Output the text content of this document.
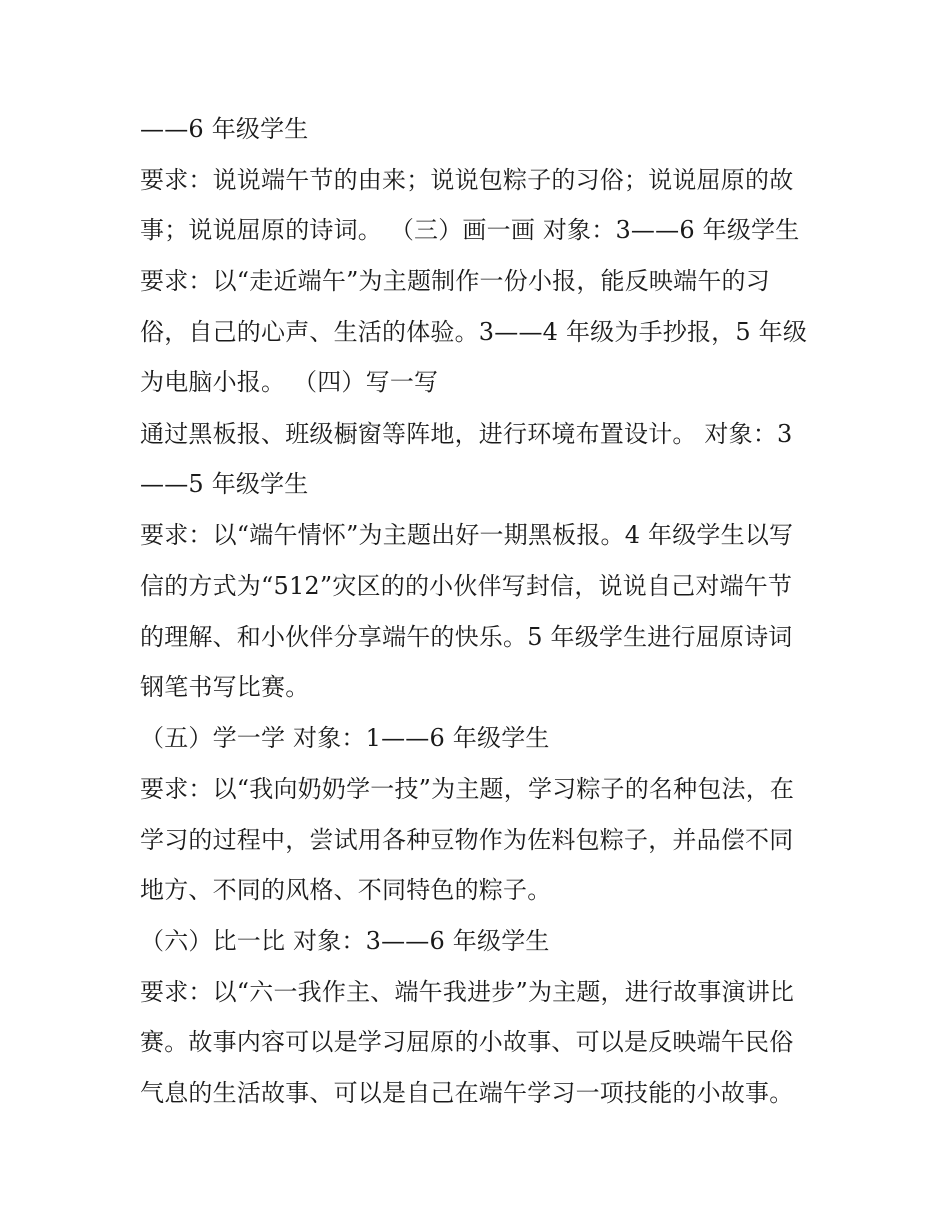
——6 年级学生
要求：说说端午节的由来；说说包粽子的习俗；说说屈原的故
事；说说屈原的诗词。 （三）画一画 对象：3——6 年级学生
要求：以“走近端午”为主题制作一份小报，能反映端午的习
俗，自己的心声、生活的体验。3——4 年级为手抄报，5 年级
为电脑小报。 （四）写一写
通过黑板报、班级橱窗等阵地，进行环境布置设计。 对象：3
——5 年级学生
要求：以“端午情怀”为主题出好一期黑板报。4 年级学生以写
信的方式为“512”灾区的的小伙伴写封信，说说自己对端午节
的理解、和小伙伴分享端午的快乐。5 年级学生进行屈原诗词
钢笔书写比赛。
（五）学一学 对象：1——6 年级学生
要求：以“我向奶奶学一技”为主题，学习粽子的名种包法，在
学习的过程中，尝试用各种豆物作为佐料包粽子，并品偿不同
地方、不同的风格、不同特色的粽子。
（六）比一比 对象：3——6 年级学生
要求：以“六一我作主、端午我进步”为主题，进行故事演讲比
赛。故事内容可以是学习屈原的小故事、可以是反映端午民俗
气息的生活故事、可以是自己在端午学习一项技能的小故事。
